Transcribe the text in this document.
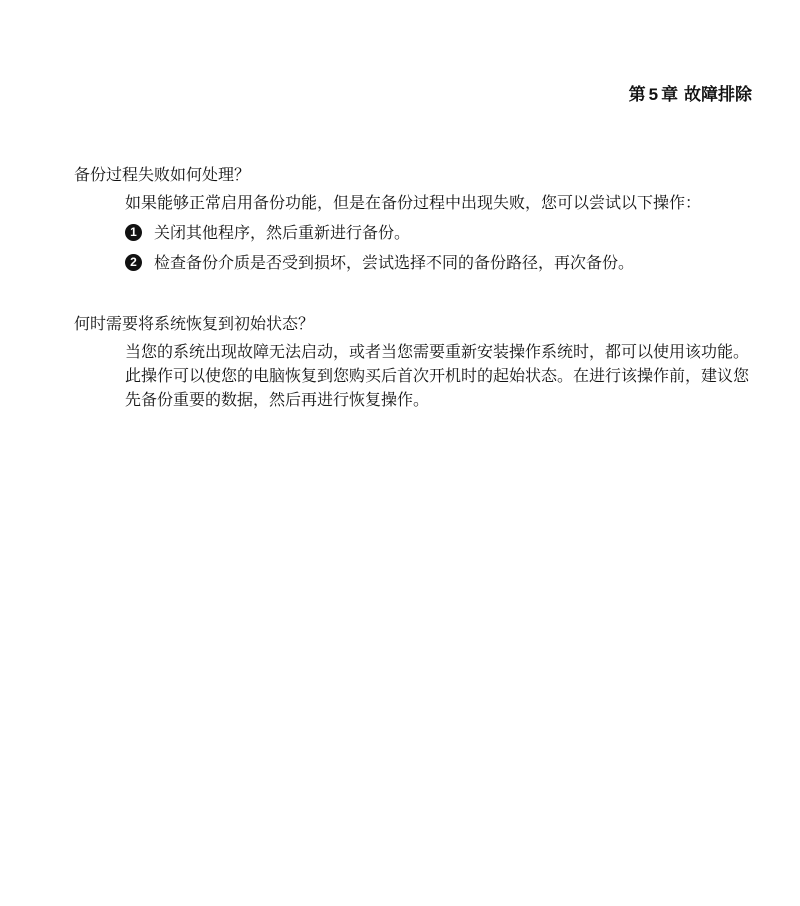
第 5 章 故障排除
备份过程失败如何处理？

如果能够正常启用备份功能，但是在备份过程中出现失败，您可以尝试以下操作：

1	关闭其他程序，然后重新进行备份。
2	检查备份介质是否受到损坏，尝试选择不同的备份路径，再次备份。
何时需要将系统恢复到初始状态？

当您的系统出现故障无法启动，或者当您需要重新安装操作系统时，都可以使用该功能。此操作可以使您的电脑恢复到您购买后首次开机时的起始状态。在进行该操作前，建议您先备份重要的数据，然后再进行恢复操作。
